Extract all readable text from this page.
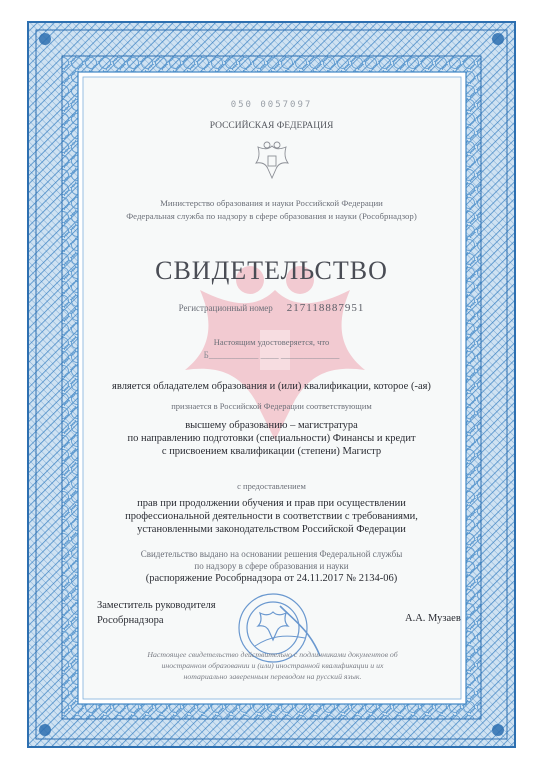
050 0057097
РОССИЙСКАЯ ФЕДЕРАЦИЯ
Министерство образования и науки Российской Федерации
Федеральная служба по надзору в сфере образования и науки (Рособрнадзор)
СВИДЕТЕЛЬСТВО
Регистрационный номер 217118887951
Настоящим удостоверяется, что
Б___________ ____ _____________
является обладателем образования и (или) квалификации, которое (-ая)
признается в Российской Федерации соответствующим
высшему образованию – магистратура
по направлению подготовки (специальности) Финансы и кредит
с присвоением квалификации (степени) Магистр
с предоставлением
прав при продолжении обучения и прав при осуществлении
профессиональной деятельности в соответствии с требованиями,
установленными законодательством Российской Федерации
Свидетельство выдано на основании решения Федеральной службы
по надзору в сфере образования и науки
(распоряжение Рособрнадзора от 24.11.2017 № 2134-06)
Заместитель руководителя
Рособрнадзора	А.А. Музаев
Настоящее свидетельство действительно с подлинниками документов об
иностранном образовании и (или) иностранной квалификации и их
нотариально заверенным переводом на русский язык.
